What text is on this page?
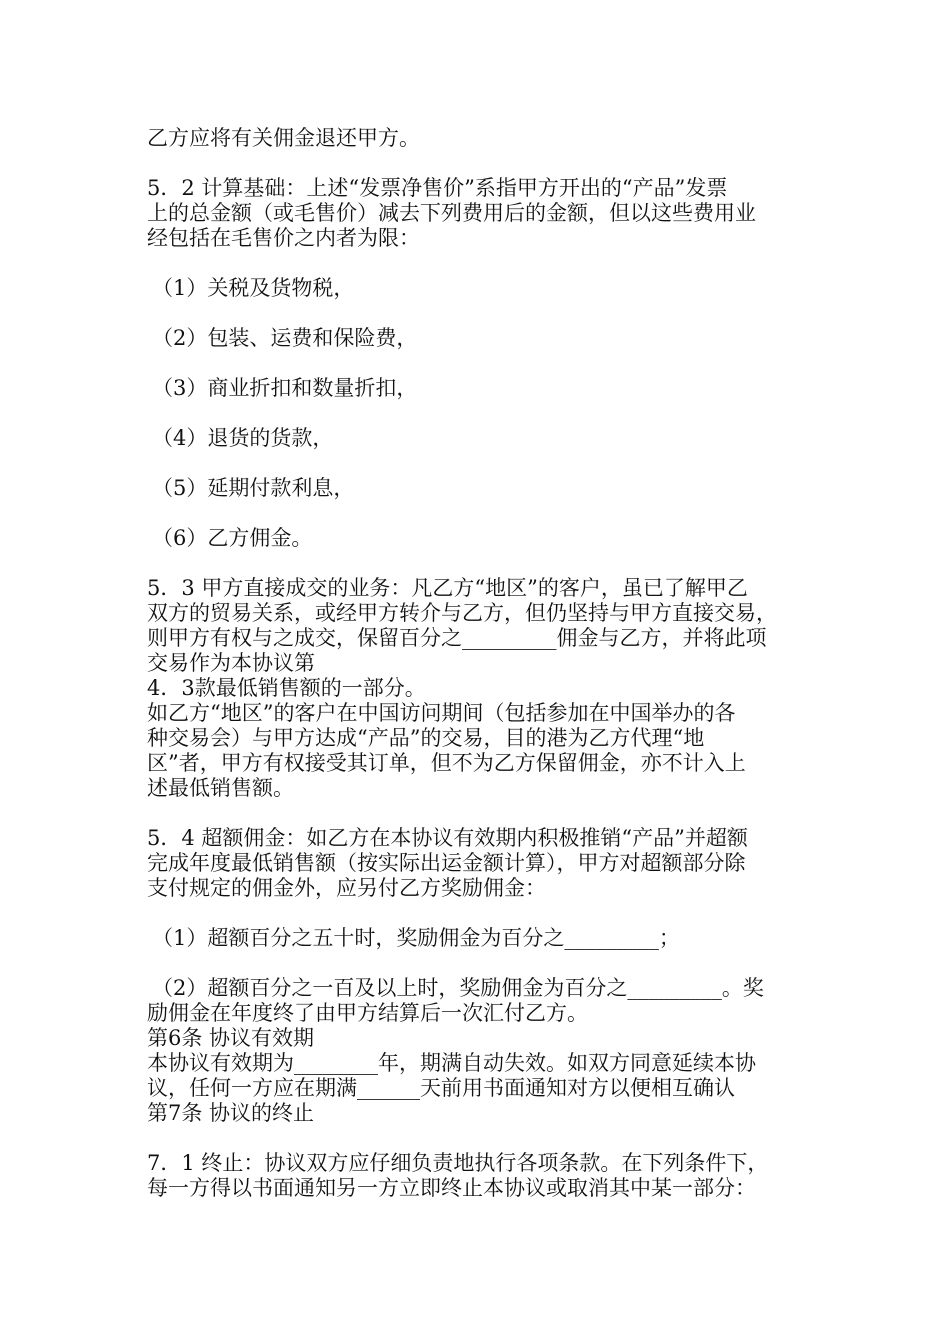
乙方应将有关佣金退还甲方。
5．2 计算基础：上述“发票净售价”系指甲方开出的“产品”发票
上的总金额（或毛售价）减去下列费用后的金额，但以这些费用业
经包括在毛售价之内者为限：
（1）关税及货物税，
（2）包装、运费和保险费，
（3）商业折扣和数量折扣，
（4）退货的货款，
（5）延期付款利息，
（6）乙方佣金。
5．3 甲方直接成交的业务：凡乙方“地区”的客户，虽已了解甲乙
双方的贸易关系，或经甲方转介与乙方，但仍坚持与甲方直接交易，
则甲方有权与之成交，保留百分之_________佣金与乙方，并将此项
交易作为本协议第
4．3款最低销售额的一部分。
如乙方“地区”的客户在中国访问期间（包括参加在中国举办的各
种交易会）与甲方达成“产品”的交易，目的港为乙方代理“地
区”者，甲方有权接受其订单，但不为乙方保留佣金，亦不计入上
述最低销售额。
5．4 超额佣金：如乙方在本协议有效期内积极推销“产品”并超额
完成年度最低销售额（按实际出运金额计算），甲方对超额部分除
支付规定的佣金外，应另付乙方奖励佣金：
（1）超额百分之五十时，奖励佣金为百分之_________；
（2）超额百分之一百及以上时，奖励佣金为百分之_________。奖
励佣金在年度终了由甲方结算后一次汇付乙方。
第6条 协议有效期
本协议有效期为________年，期满自动失效。如双方同意延续本协
议，任何一方应在期满______天前用书面通知对方以便相互确认
第7条 协议的终止
7．1 终止：协议双方应仔细负责地执行各项条款。在下列条件下，
每一方得以书面通知另一方立即终止本协议或取消其中某一部分：
